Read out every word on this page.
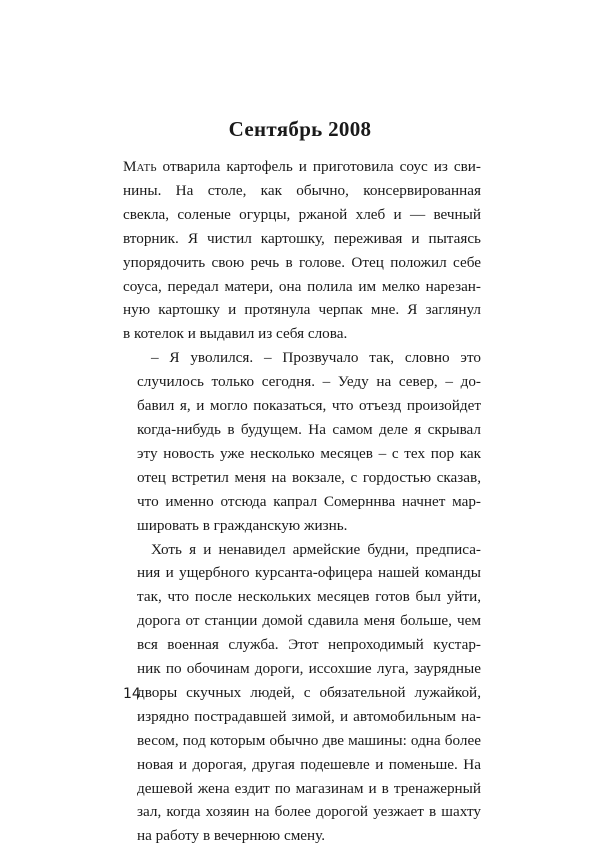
Сентябрь 2008

Мать отварила картофель и приготовила соус из сви-
нины. На столе, как обычно, консервированная
свекла, соленые огурцы, ржаной хлеб и — вечный
вторник. Я чистил картошку, переживая и пытаясь
упорядочить свою речь в голове. Отец положил себе
соуса, передал матери, она полила им мелко нарезан-
ную картошку и протянула черпак мне. Я заглянул
в котелок и выдавил из себя слова.

– Я уволился. – Прозвучало так, словно это
случилось только сегодня. – Уеду на север, – до-
бавил я, и могло показаться, что отъезд произойдет
когда-нибудь в будущем. На самом деле я скрывал
эту новость уже несколько месяцев – с тех пор как
отец встретил меня на вокзале, с гордостью сказав,
что именно отсюда капрал Сомерннва начнет мар-
шировать в гражданскую жизнь.

Хоть я и ненавидел армейские будни, предписа-
ния и ущербного курсанта-офицера нашей команды
так, что после нескольких месяцев готов был уйти,
дорога от станции домой сдавила меня больше, чем
вся военная служба. Этот непроходимый кустар-
ник по обочинам дороги, иссохшие луга, заурядные
дворы скучных людей, с обязательной лужайкой,
изрядно пострадавшей зимой, и автомобильным на-
весом, под которым обычно две машины: одна более
новая и дорогая, другая подешевле и поменьше. На
дешевой жена ездит по магазинам и в тренажерный
зал, когда хозяин на более дорогой уезжает в шахту
на работу в вечернюю смену.

14
